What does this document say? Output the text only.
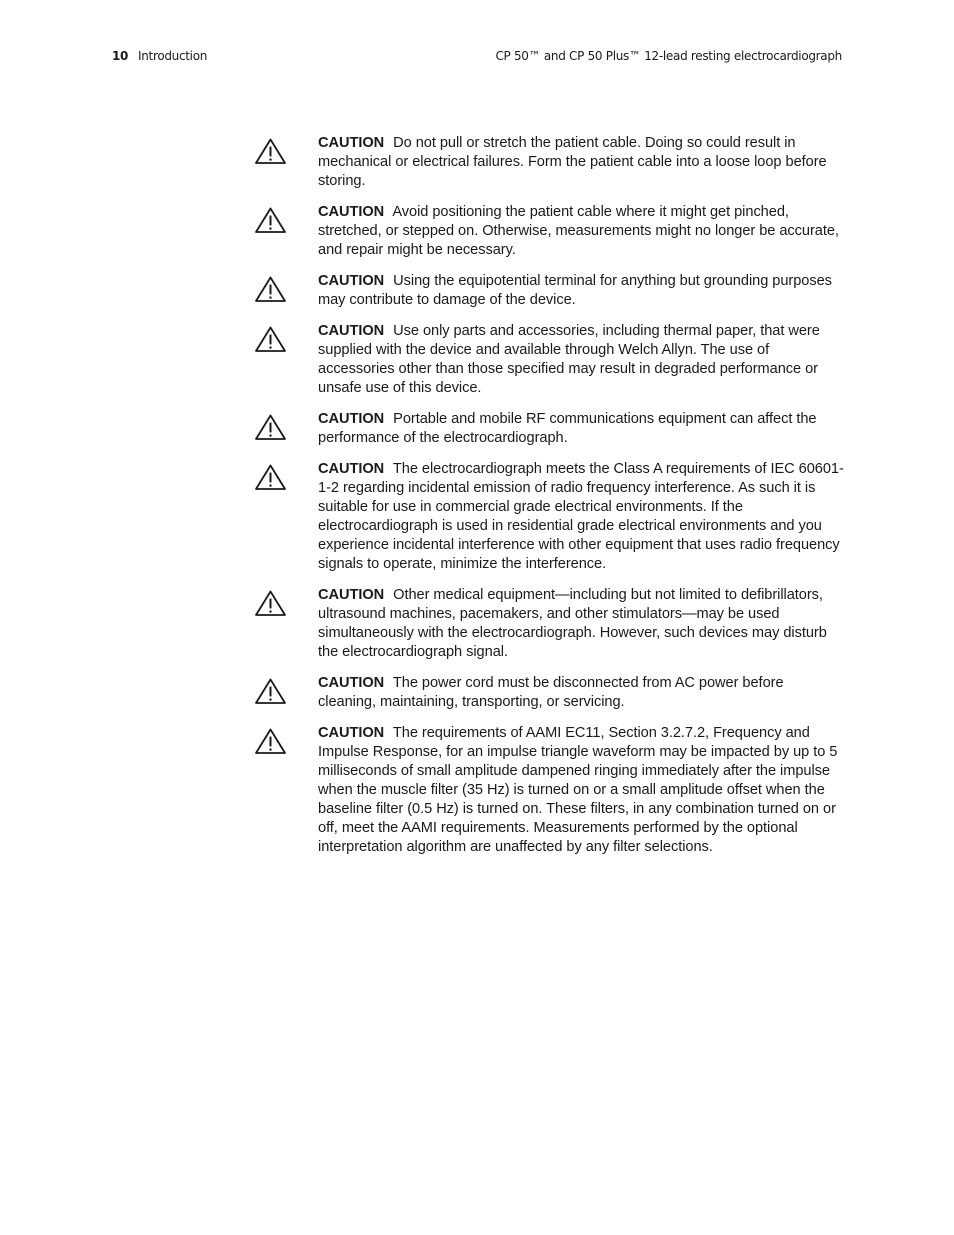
10 Introduction	CP 50™ and CP 50 Plus™ 12-lead resting electrocardiograph
CAUTION Do not pull or stretch the patient cable. Doing so could result in mechanical or electrical failures. Form the patient cable into a loose loop before storing.
CAUTION Avoid positioning the patient cable where it might get pinched, stretched, or stepped on. Otherwise, measurements might no longer be accurate, and repair might be necessary.
CAUTION Using the equipotential terminal for anything but grounding purposes may contribute to damage of the device.
CAUTION Use only parts and accessories, including thermal paper, that were supplied with the device and available through Welch Allyn. The use of accessories other than those specified may result in degraded performance or unsafe use of this device.
CAUTION Portable and mobile RF communications equipment can affect the performance of the electrocardiograph.
CAUTION The electrocardiograph meets the Class A requirements of IEC 60601-1-2 regarding incidental emission of radio frequency interference. As such it is suitable for use in commercial grade electrical environments. If the electrocardiograph is used in residential grade electrical environments and you experience incidental interference with other equipment that uses radio frequency signals to operate, minimize the interference.
CAUTION Other medical equipment—including but not limited to defibrillators, ultrasound machines, pacemakers, and other stimulators—may be used simultaneously with the electrocardiograph. However, such devices may disturb the electrocardiograph signal.
CAUTION The power cord must be disconnected from AC power before cleaning, maintaining, transporting, or servicing.
CAUTION The requirements of AAMI EC11, Section 3.2.7.2, Frequency and Impulse Response, for an impulse triangle waveform may be impacted by up to 5 milliseconds of small amplitude dampened ringing immediately after the impulse when the muscle filter (35 Hz) is turned on or a small amplitude offset when the baseline filter (0.5 Hz) is turned on. These filters, in any combination turned on or off, meet the AAMI requirements. Measurements performed by the optional interpretation algorithm are unaffected by any filter selections.
